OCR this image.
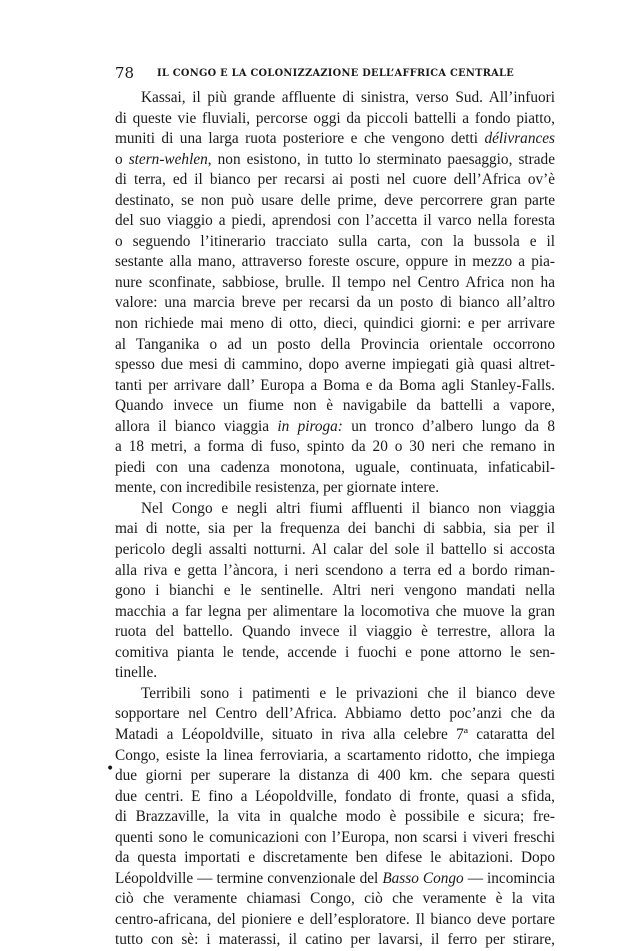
78 IL CONGO E LA COLONIZZAZIONE DELL’AFFRICA CENTRALE
•
Kassai, il più grande affluente di sinistra, verso Sud. All’infuori
di queste vie fluviali, percorse oggi da piccoli battelli a fondo piatto,
muniti di una larga ruota posteriore e che vengono detti délivrances
o stern-wehlen, non esistono, in tutto lo sterminato paesaggio, strade
di terra, ed il bianco per recarsi ai posti nel cuore dell’Africa ov’è
destinato, se non può usare delle prime, deve percorrere gran parte
del suo viaggio a piedi, aprendosi con l’accetta il varco nella foresta
o seguendo l’itinerario tracciato sulla carta, con la bussola e il
sestante alla mano, attraverso foreste oscure, oppure in mezzo a pia-
nure sconfinate, sabbiose, brulle. Il tempo nel Centro Africa non ha
valore: una marcia breve per recarsi da un posto di bianco all’altro
non richiede mai meno di otto, dieci, quindici giorni: e per arrivare
al Tanganika o ad un posto della Provincia orientale occorrono
spesso due mesi di cammino, dopo averne impiegati già quasi altret-
tanti per arrivare dall’ Europa a Boma e da Boma agli Stanley-Falls.
Quando invece un fiume non è navigabile da battelli a vapore,
allora il bianco viaggia in piroga: un tronco d’albero lungo da 8
a 18 metri, a forma di fuso, spinto da 20 o 30 neri che remano in
piedi con una cadenza monotona, uguale, continuata, infaticabil-
mente, con incredibile resistenza, per giornate intere.
Nel Congo e negli altri fiumi affluenti il bianco non viaggia
mai di notte, sia per la frequenza dei banchi di sabbia, sia per il
pericolo degli assalti notturni. Al calar del sole il battello si accosta
alla riva e getta l’àncora, i neri scendono a terra ed a bordo riman-
gono i bianchi e le sentinelle. Altri neri vengono mandati nella
macchia a far legna per alimentare la locomotiva che muove la gran
ruota del battello. Quando invece il viaggio è terrestre, allora la
comitiva pianta le tende, accende i fuochi e pone attorno le sen-
tinelle.
Terribili sono i patimenti e le privazioni che il bianco deve
sopportare nel Centro dell’Africa. Abbiamo detto poc’anzi che da
Matadi a Léopoldville, situato in riva alla celebre 7ª cataratta del
Congo, esiste la linea ferroviaria, a scartamento ridotto, che impiega
due giorni per superare la distanza di 400 km. che separa questi
due centri. E fino a Léopoldville, fondato di fronte, quasi a sfida,
di Brazzaville, la vita in qualche modo è possibile e sicura; fre-
quenti sono le comunicazioni con l’Europa, non scarsi i viveri freschi
da questa importati e discretamente ben difese le abitazioni. Dopo
Léopoldville — termine convenzionale del Basso Congo — incomincia
ciò che veramente chiamasi Congo, ciò che veramente è la vita
centro-africana, del pioniere e dell’esploratore. Il bianco deve portare
tutto con sè: i materassi, il catino per lavarsi, il ferro per stirare,
